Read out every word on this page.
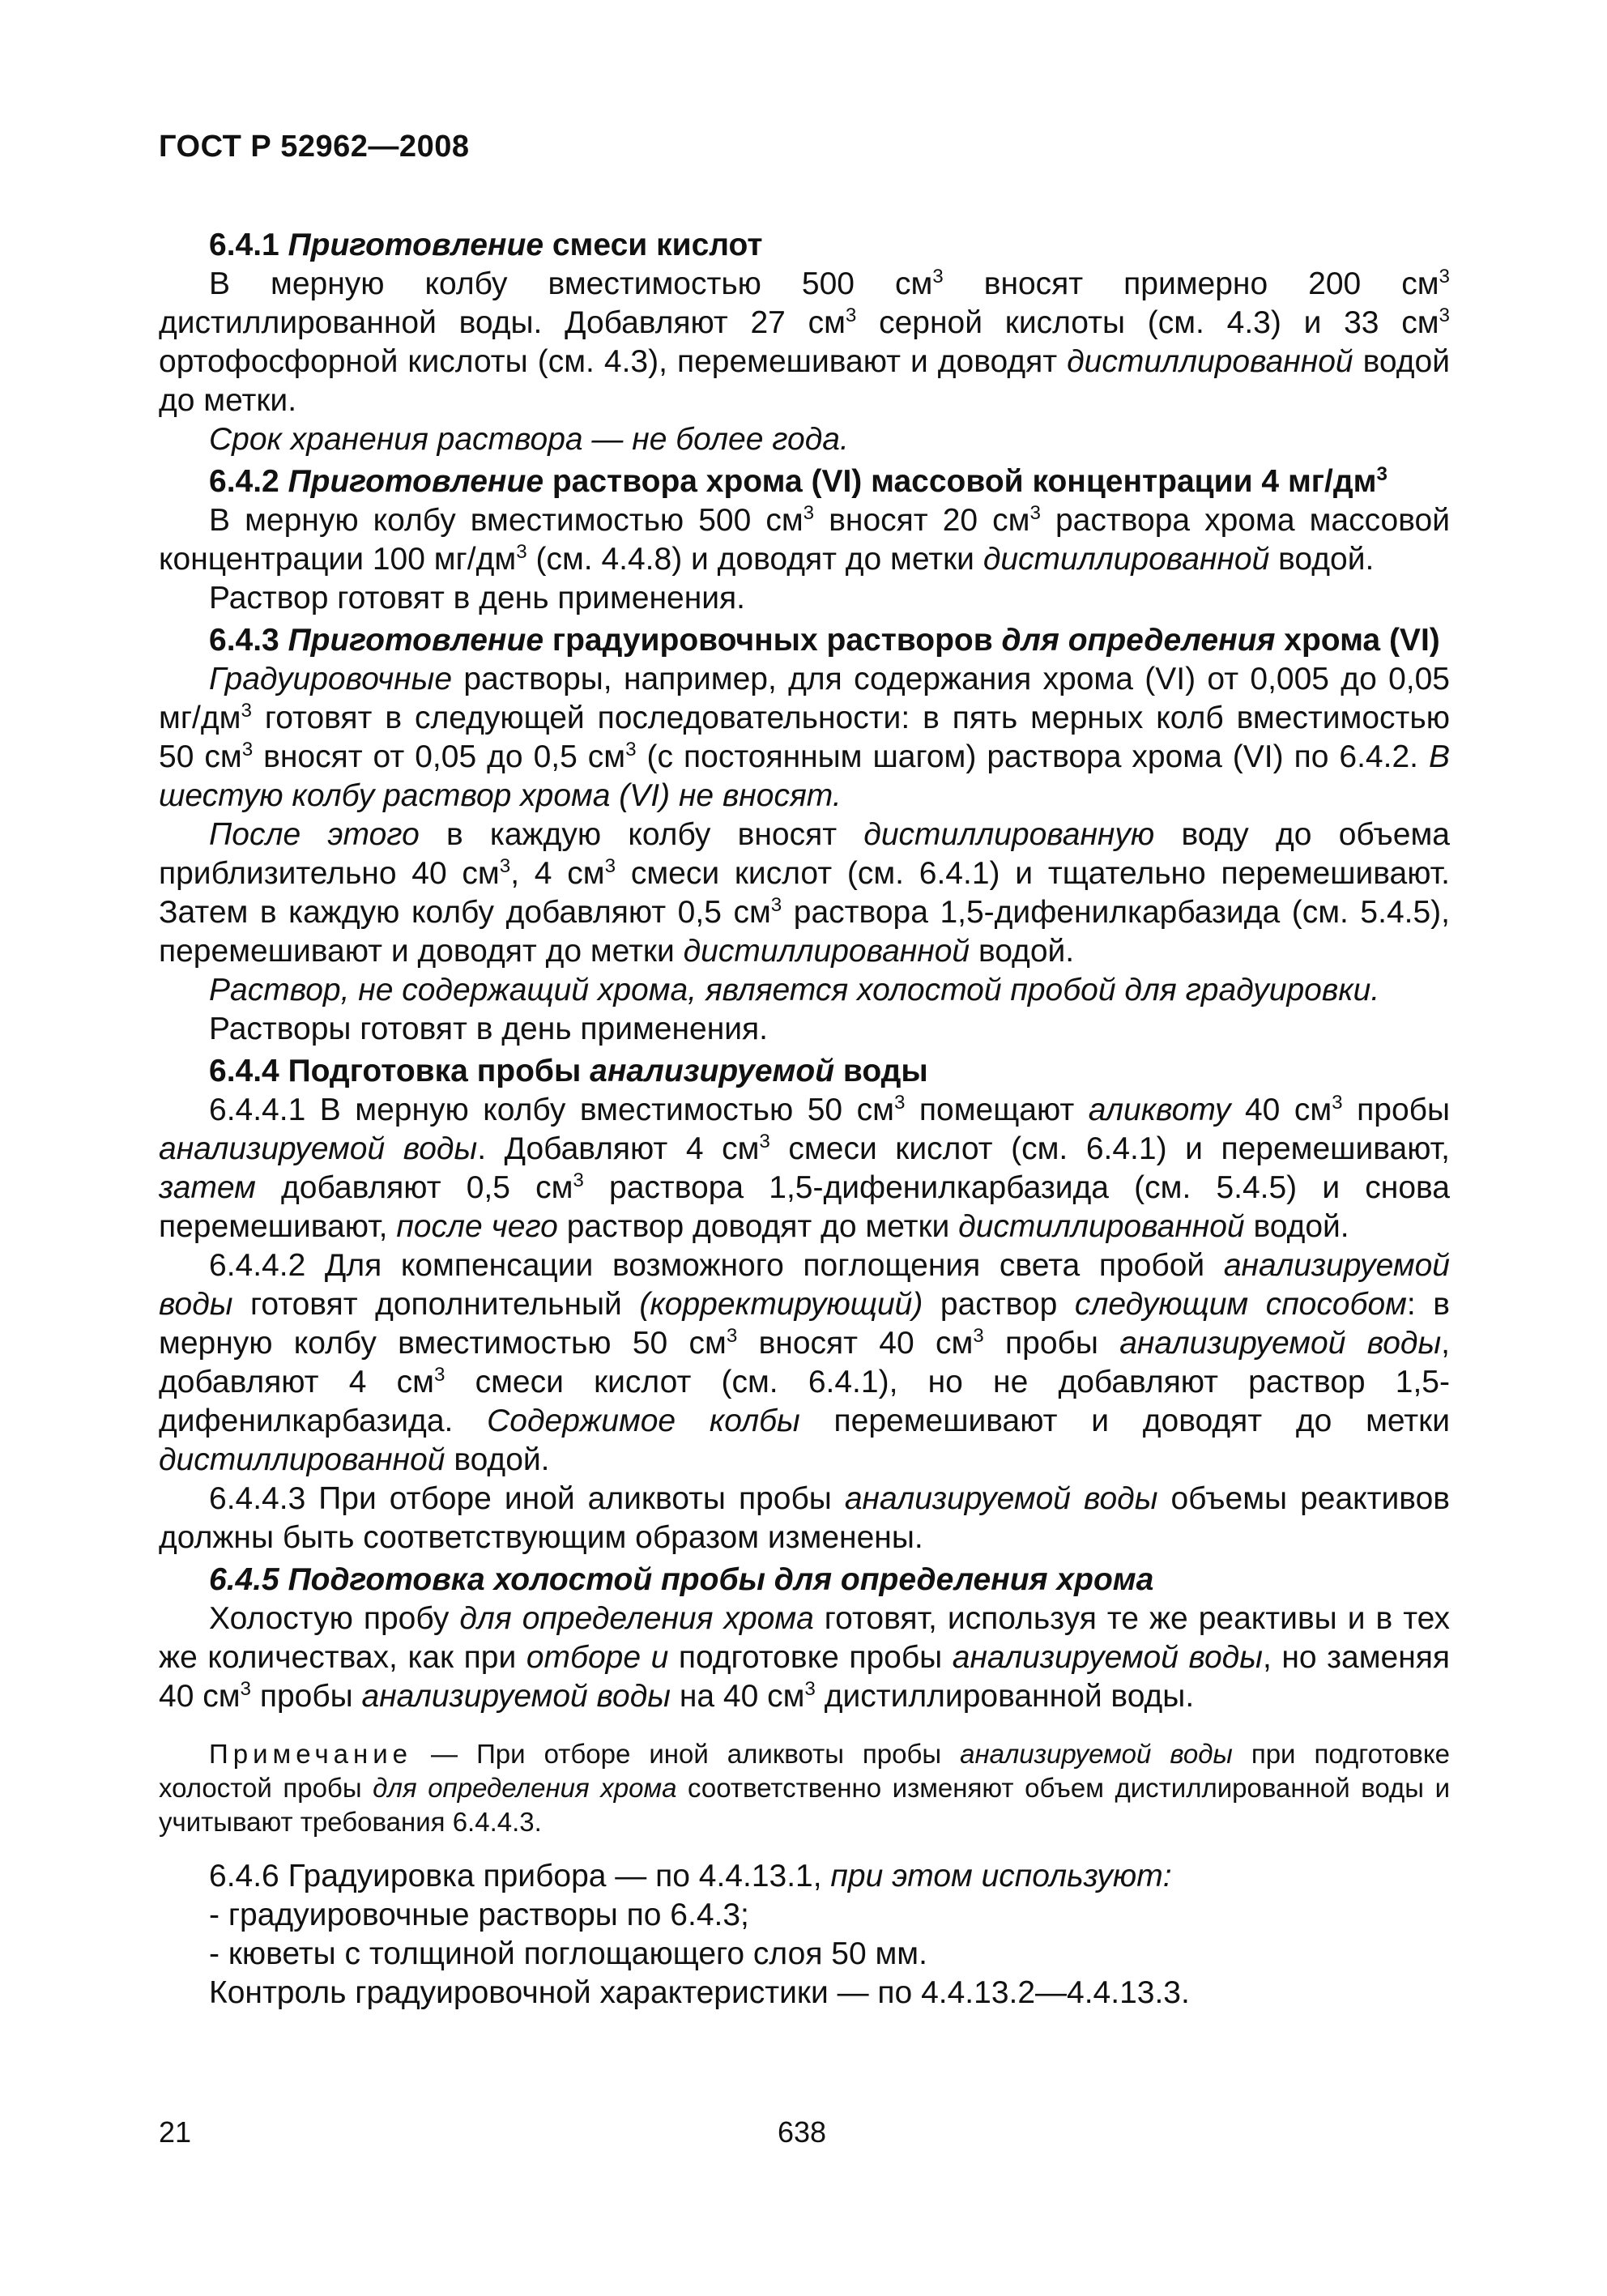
ГОСТ Р 52962—2008

6.4.1 Приготовление смеси кислот

В мерную колбу вместимостью 500 $см^3$ вносят примерно 200 $см^3$ дистиллированной воды. Добавляют 27 $см^3$ серной кислоты (см. 4.3) и 33 $см^3$ ортофосфорной кислоты (см. 4.3), перемешивают и доводят дистиллированной водой до метки.

Срок хранения раствора — не более года.

6.4.2 Приготовление раствора хрома (VI) массовой концентрации 4 $мг/дм^3$

В мерную колбу вместимостью 500 $см^3$ вносят 20 $см^3$ раствора хрома массовой концентрации 100 $мг/дм^3$ (см. 4.4.8) и доводят до метки дистиллированной водой.

Раствор готовят в день применения.

6.4.3 Приготовление градуировочных растворов для определения хрома (VI)

Градуировочные растворы, например, для содержания хрома (VI) от 0,005 до 0,05 $мг/дм^3$ готовят в следующей последовательности: в пять мерных колб вместимостью 50 $см^3$ вносят от 0,05 до 0,5 $см^3$ (с постоянным шагом) раствора хрома (VI) по 6.4.2. В шестую колбу раствор хрома (VI) не вносят.

После этого в каждую колбу вносят дистиллированную воду до объема приблизительно 40 $см^3$, 4 $см^3$ смеси кислот (см. 6.4.1) и тщательно перемешивают. Затем в каждую колбу добавляют 0,5 $см^3$ раствора 1,5-дифенилкарбазида (см. 5.4.5), перемешивают и доводят до метки дистиллированной водой.

Раствор, не содержащий хрома, является холостой пробой для градуировки.

Растворы готовят в день применения.

6.4.4 Подготовка пробы анализируемой воды

6.4.4.1 В мерную колбу вместимостью 50 $см^3$ помещают аликвоту 40 $см^3$ пробы анализируемой воды. Добавляют 4 $см^3$ смеси кислот (см. 6.4.1) и перемешивают, затем добавляют 0,5 $см^3$ раствора 1,5-дифенилкарбазида (см. 5.4.5) и снова перемешивают, после чего раствор доводят до метки дистиллированной водой.

6.4.4.2 Для компенсации возможного поглощения света пробой анализируемой воды готовят дополнительный (корректирующий) раствор следующим способом: в мерную колбу вместимостью 50 $см^3$ вносят 40 $см^3$ пробы анализируемой воды, добавляют 4 $см^3$ смеси кислот (см. 6.4.1), но не добавляют раствор 1,5-дифенилкарбазида. Содержимое колбы перемешивают и доводят до метки дистиллированной водой.

6.4.4.3 При отборе иной аликвоты пробы анализируемой воды объемы реактивов должны быть соответствующим образом изменены.

6.4.5 Подготовка холостой пробы для определения хрома

Холостую пробу для определения хрома готовят, используя те же реактивы и в тех же количествах, как при отборе и подготовке пробы анализируемой воды, но заменяя 40 $см^3$ пробы анализируемой воды на 40 $см^3$ дистиллированной воды.

Примечание — При отборе иной аликвоты пробы анализируемой воды при подготовке холостой пробы для определения хрома соответственно изменяют объем дистиллированной воды и учитывают требования 6.4.4.3.

6.4.6 Градуировка прибора — по 4.4.13.1, при этом используют:

- градуировочные растворы по 6.4.3;

- кюветы с толщиной поглощающего слоя 50 мм.

Контроль градуировочной характеристики — по 4.4.13.2—4.4.13.3.

21	638
